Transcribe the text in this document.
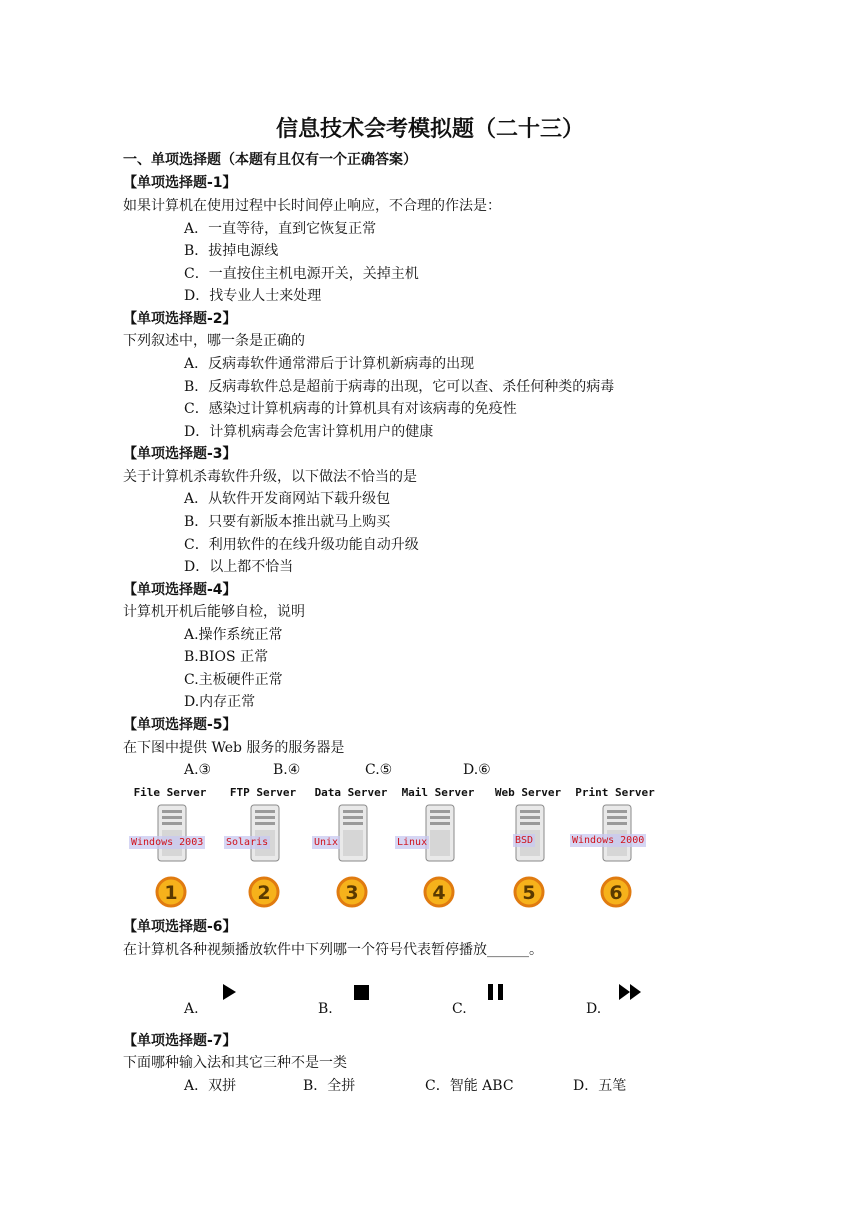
信息技术会考模拟题（二十三）
一、单项选择题（本题有且仅有一个正确答案）
【单项选择题-1】
如果计算机在使用过程中长时间停止响应，不合理的作法是：
A．一直等待，直到它恢复正常
B．拔掉电源线
C．一直按住主机电源开关，关掉主机
D．找专业人士来处理
【单项选择题-2】
下列叙述中，哪一条是正确的
A．反病毒软件通常滞后于计算机新病毒的出现
B．反病毒软件总是超前于病毒的出现，它可以查、杀任何种类的病毒
C．感染过计算机病毒的计算机具有对该病毒的免疫性
D．计算机病毒会危害计算机用户的健康
【单项选择题-3】
关于计算机杀毒软件升级，以下做法不恰当的是
A．从软件开发商网站下载升级包
B．只要有新版本推出就马上购买
C．利用软件的在线升级功能自动升级
D．以上都不恰当
【单项选择题-4】
计算机开机后能够自检，说明
A.操作系统正常
B.BIOS 正常
C.主板硬件正常
D.内存正常
【单项选择题-5】
在下图中提供 Web 服务的服务器是
A.③	B.④	C.⑤	D.⑥
File Server
Windows 2003
1
FTP Server
Solaris
2
Data Server
Unix
3
Mail Server
Linux
4
Web Server
BSD
5
Print Server
Windows 2000
6
【单项选择题-6】
在计算机各种视频播放软件中下列哪一个符号代表暂停播放______。
A.	B.	C.	D.
【单项选择题-7】
下面哪种输入法和其它三种不是一类
A．双拼	B．全拼	C．智能 ABC	D．五笔
